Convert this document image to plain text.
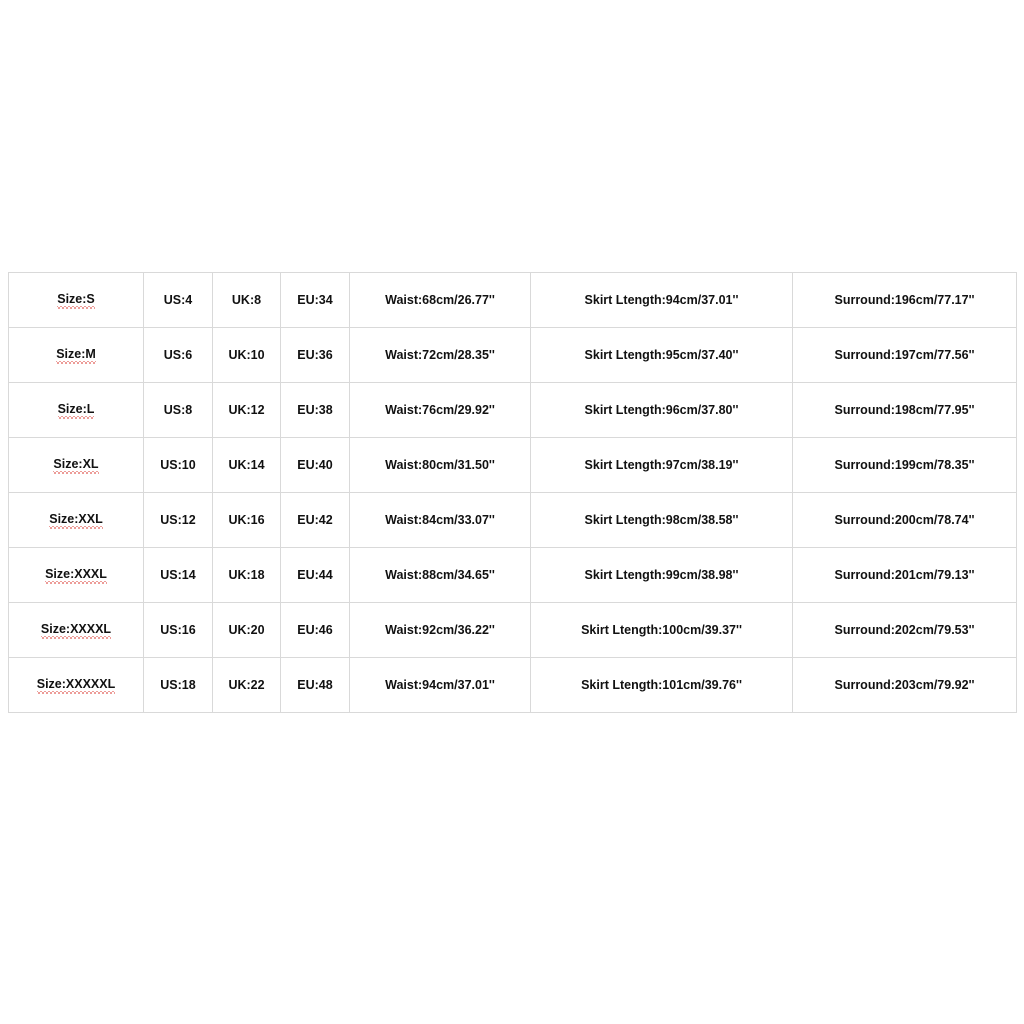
Size:S	US:4	UK:8	EU:34	Waist:68cm/26.77''	Skirt Ltength:94cm/37.01''	Surround:196cm/77.17''
Size:M	US:6	UK:10	EU:36	Waist:72cm/28.35''	Skirt Ltength:95cm/37.40''	Surround:197cm/77.56''
Size:L	US:8	UK:12	EU:38	Waist:76cm/29.92''	Skirt Ltength:96cm/37.80''	Surround:198cm/77.95''
Size:XL	US:10	UK:14	EU:40	Waist:80cm/31.50''	Skirt Ltength:97cm/38.19''	Surround:199cm/78.35''
Size:XXL	US:12	UK:16	EU:42	Waist:84cm/33.07''	Skirt Ltength:98cm/38.58''	Surround:200cm/78.74''
Size:XXXL	US:14	UK:18	EU:44	Waist:88cm/34.65''	Skirt Ltength:99cm/38.98''	Surround:201cm/79.13''
Size:XXXXL	US:16	UK:20	EU:46	Waist:92cm/36.22''	Skirt Ltength:100cm/39.37''	Surround:202cm/79.53''
Size:XXXXXL	US:18	UK:22	EU:48	Waist:94cm/37.01''	Skirt Ltength:101cm/39.76''	Surround:203cm/79.92''
